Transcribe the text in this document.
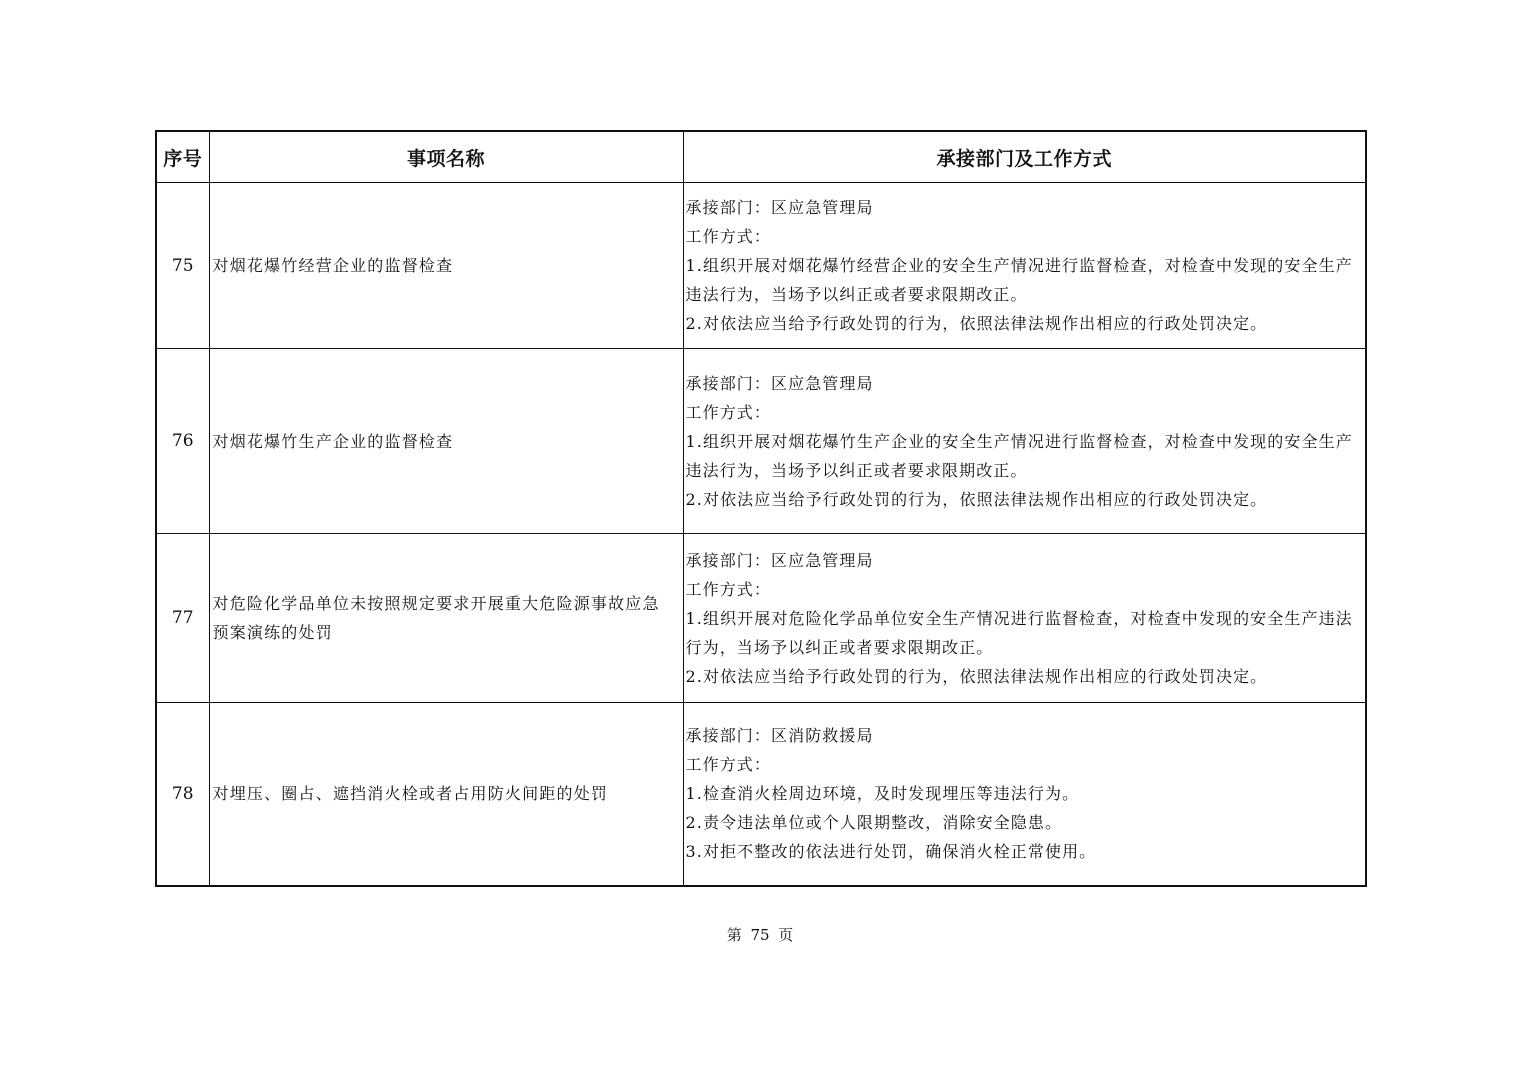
序号	事项名称	承接部门及工作方式
75	对烟花爆竹经营企业的监督检查	承接部门：区应急管理局
工作方式：
1.组织开展对烟花爆竹经营企业的安全生产情况进行监督检查，对检查中发现的安全生产违法行为，当场予以纠正或者要求限期改正。
2.对依法应当给予行政处罚的行为，依照法律法规作出相应的行政处罚决定。

76	对烟花爆竹生产企业的监督检查	承接部门：区应急管理局
工作方式：
1.组织开展对烟花爆竹生产企业的安全生产情况进行监督检查，对检查中发现的安全生产违法行为，当场予以纠正或者要求限期改正。
2.对依法应当给予行政处罚的行为，依照法律法规作出相应的行政处罚决定。

77	对危险化学品单位未按照规定要求开展重大危险源事故应急预案演练的处罚	承接部门：区应急管理局
工作方式：
1.组织开展对危险化学品单位安全生产情况进行监督检查，对检查中发现的安全生产违法行为，当场予以纠正或者要求限期改正。
2.对依法应当给予行政处罚的行为，依照法律法规作出相应的行政处罚决定。

78	对埋压、圈占、遮挡消火栓或者占用防火间距的处罚	承接部门：区消防救援局
工作方式：
1.检查消火栓周边环境，及时发现埋压等违法行为。
2.责令违法单位或个人限期整改，消除安全隐患。
3.对拒不整改的依法进行处罚，确保消火栓正常使用。
第 75 页
